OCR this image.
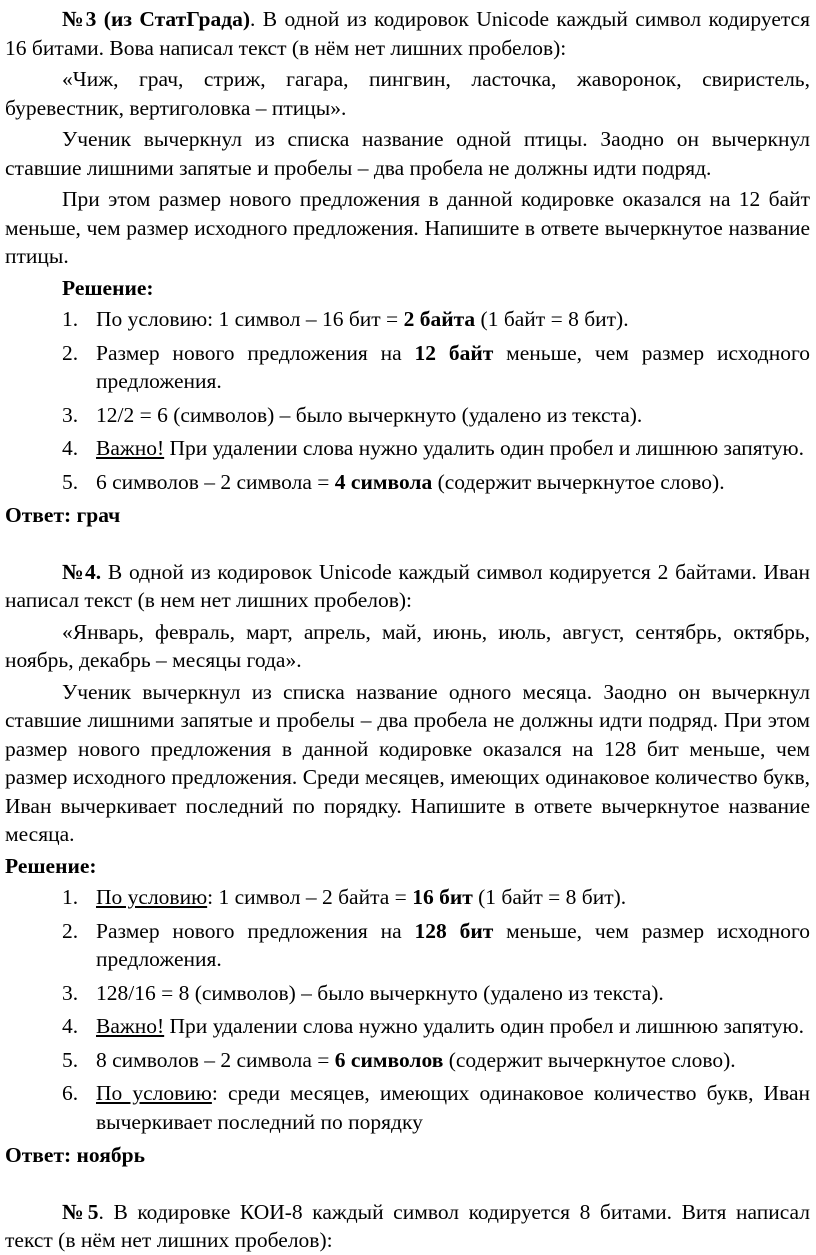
№3 (из СтатГрада). В одной из кодировок Unicode каждый символ кодируется 16 битами. Вова написал текст (в нём нет лишних пробелов):

«Чиж, грач, стриж, гагара, пингвин, ласточка, жаворонок, свиристель, буревестник, вертиголовка – птицы».

Ученик вычеркнул из списка название одной птицы. Заодно он вычеркнул ставшие лишними запятые и пробелы – два пробела не должны идти подряд.

При этом размер нового предложения в данной кодировке оказался на 12 байт меньше, чем размер исходного предложения. Напишите в ответе вычеркнутое название птицы.

Решение:

1. По условию: 1 символ – 16 бит = 2 байта (1 байт = 8 бит).
2. Размер нового предложения на 12 байт меньше, чем размер исходного предложения.
3. 12/2 = 6 (символов) – было вычеркнуто (удалено из текста).
4. Важно! При удалении слова нужно удалить один пробел и лишнюю запятую.
5. 6 символов – 2 символа = 4 символа (содержит вычеркнутое слово).

Ответ: грач

№4. В одной из кодировок Unicode каждый символ кодируется 2 байтами. Иван написал текст (в нем нет лишних пробелов):

«Январь, февраль, март, апрель, май, июнь, июль, август, сентябрь, октябрь, ноябрь, декабрь – месяцы года».

Ученик вычеркнул из списка название одного месяца. Заодно он вычеркнул ставшие лишними запятые и пробелы – два пробела не должны идти подряд. При этом размер нового предложения в данной кодировке оказался на 128 бит меньше, чем размер исходного предложения. Среди месяцев, имеющих одинаковое количество букв, Иван вычеркивает последний по порядку. Напишите в ответе вычеркнутое название месяца.

Решение:

1. По условию: 1 символ – 2 байта = 16 бит (1 байт = 8 бит).
2. Размер нового предложения на 128 бит меньше, чем размер исходного предложения.
3. 128/16 = 8 (символов) – было вычеркнуто (удалено из текста).
4. Важно! При удалении слова нужно удалить один пробел и лишнюю запятую.
5. 8 символов – 2 символа = 6 символов (содержит вычеркнутое слово).
6. По условию: среди месяцев, имеющих одинаковое количество букв, Иван вычеркивает последний по порядку

Ответ: ноябрь

№5. В кодировке КОИ-8 каждый символ кодируется 8 битами. Витя написал текст (в нём нет лишних пробелов):
